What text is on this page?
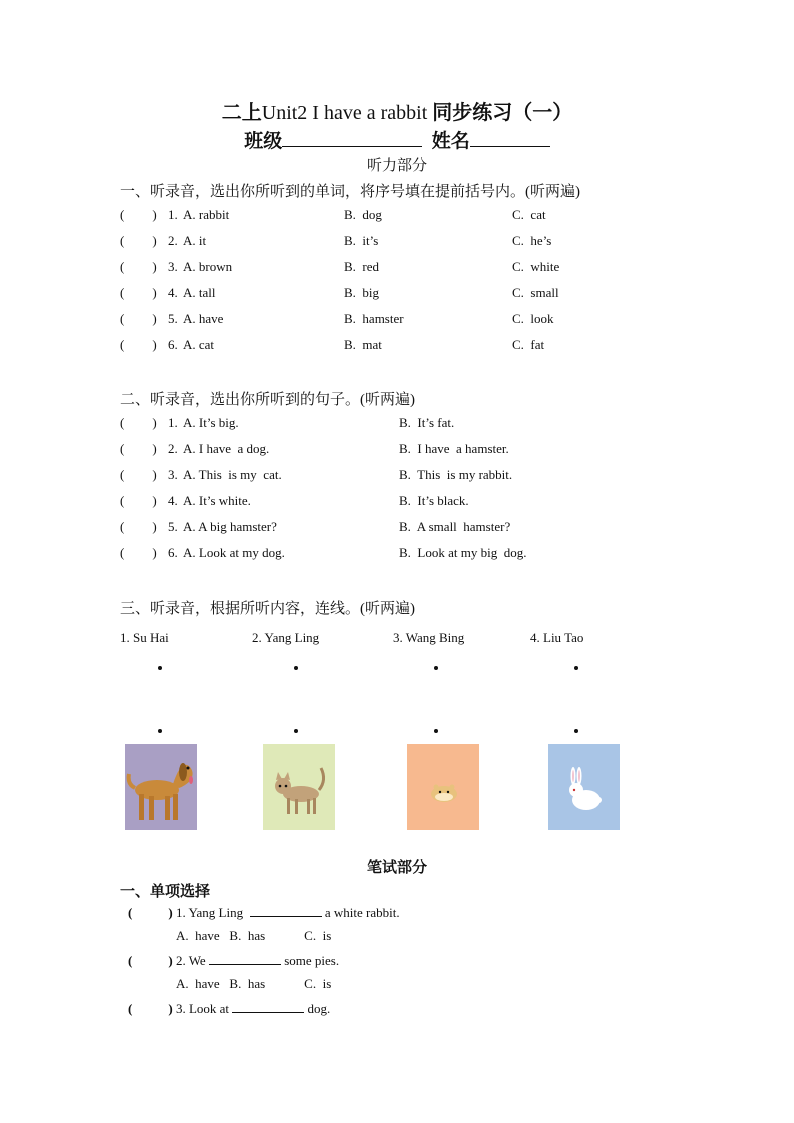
二上Unit2 I have a rabbit 同步练习（一）
班级	姓名
听力部分
一、听录音，选出你所听到的单词，将序号填在提前括号内。(听两遍)
( ) 1. A. rabbit	B.  dog	C.  cat
( ) 2. A. it	B.  it’s	C.  he’s
( ) 3. A. brown	B.  red	C.  white
( ) 4. A. tall	B.  big	C.  small
( ) 5. A. have	B.  hamster	C.  look
( ) 6. A. cat	B.  mat	C.  fat
二、听录音，选出你所听到的句子。(听两遍)
( ) 1. A. It’s big.	B.  It’s fat.
( ) 2. A. I have  a dog.	B.  I have  a hamster.
( ) 3. A. This  is my  cat.	B.  This  is my rabbit.
( ) 4. A. It’s white.	B.  It’s black.
( ) 5. A. A big hamster?	B.  A small  hamster?
( ) 6. A. Look at my dog.	B.  Look at my big  dog.
三、听录音，根据所听内容，连线。(听两遍)
1. Su Hai	2. Yang Ling	3. Wang Bing	4. Liu Tao
笔试部分
一、单项选择
(	) 1. Yang Ling	a white rabbit.
A.  have   B.  has            C.  is
(	) 2. We	some pies.
A.  have   B.  has            C.  is
(	) 3. Look at	dog.
